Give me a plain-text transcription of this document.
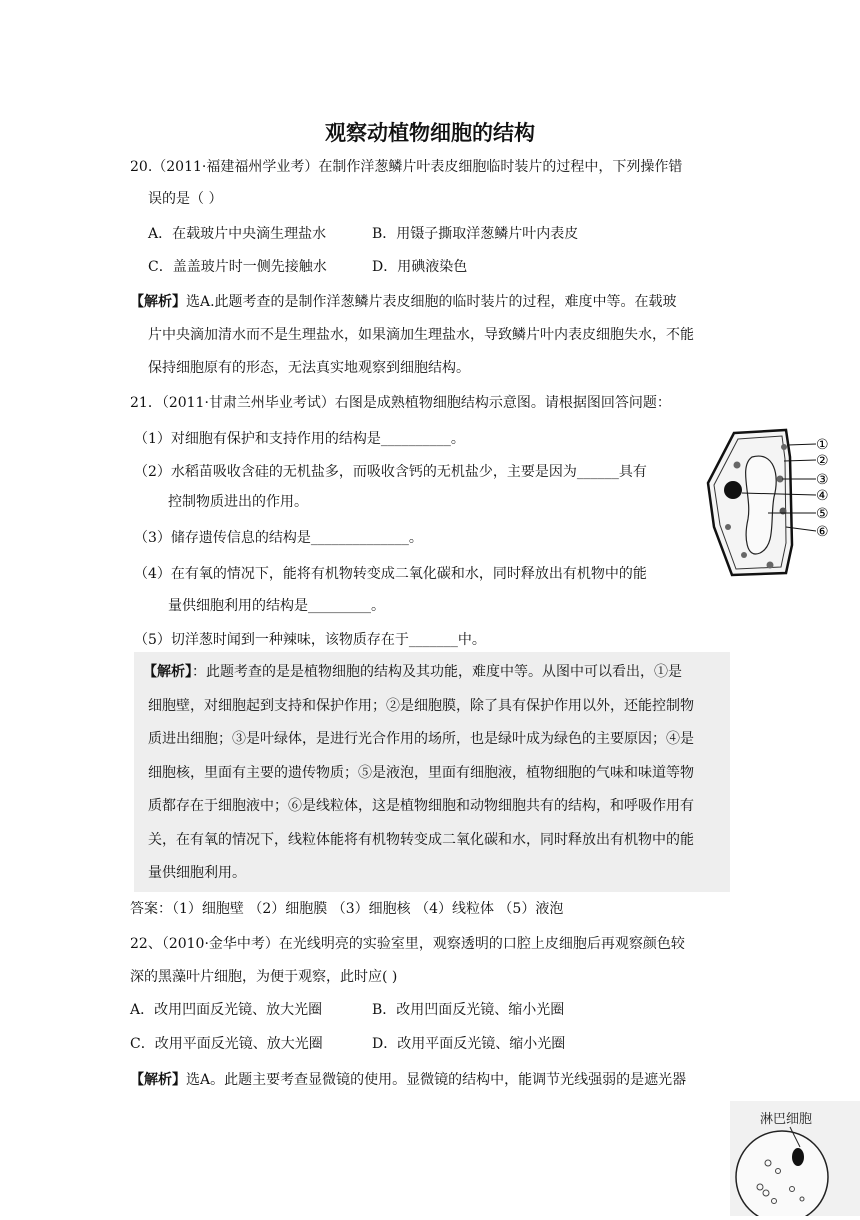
观察动植物细胞的结构
20.（2011·福建福州学业考）在制作洋葱鳞片叶表皮细胞临时装片的过程中，下列操作错
误的是（ ）
A．在载玻片中央滴生理盐水	B．用镊子撕取洋葱鳞片叶内表皮
C．盖盖玻片时一侧先接触水	D．用碘液染色
【解析】选A.此题考查的是制作洋葱鳞片表皮细胞的临时装片的过程，难度中等。在载玻
片中央滴加清水而不是生理盐水，如果滴加生理盐水，导致鳞片叶内表皮细胞失水，不能
保持细胞原有的形态，无法真实地观察到细胞结构。
21．（2011·甘肃兰州毕业考试）右图是成熟植物细胞结构示意图。请根据图回答问题：
（1）对细胞有保护和支持作用的结构是__________。
（2）水稻苗吸收含硅的无机盐多，而吸收含钙的无机盐少，主要是因为______具有
控制物质进出的作用。
（3）储存遗传信息的结构是______________。
（4）在有氧的情况下，能将有机物转变成二氧化碳和水，同时释放出有机物中的能
量供细胞利用的结构是_________。
（5）切洋葱时闻到一种辣味，该物质存在于_______中。
①
②
③
④
⑤
⑥
【解析】：此题考查的是是植物细胞的结构及其功能，难度中等。从图中可以看出，①是
细胞壁，对细胞起到支持和保护作用；②是细胞膜，除了具有保护作用以外，还能控制物
质进出细胞；③是叶绿体，是进行光合作用的场所，也是绿叶成为绿色的主要原因；④是
细胞核，里面有主要的遗传物质；⑤是液泡，里面有细胞液，植物细胞的气味和味道等物
质都存在于细胞液中；⑥是线粒体，这是植物细胞和动物细胞共有的结构，和呼吸作用有
关，在有氧的情况下，线粒体能将有机物转变成二氧化碳和水，同时释放出有机物中的能
量供细胞利用。
答案：（1）细胞壁 （2）细胞膜 （3）细胞核 （4）线粒体 （5）液泡
22、（2010·金华中考）在光线明亮的实验室里，观察透明的口腔上皮细胞后再观察颜色较
深的黑藻叶片细胞，为便于观察，此时应( )
A．改用凹面反光镜、放大光圈	B．改用凹面反光镜、缩小光圈
C．改用平面反光镜、放大光圈	D．改用平面反光镜、缩小光圈
【解析】选A。此题主要考查显微镜的使用。显微镜的结构中，能调节光线强弱的是遮光器
淋巴细胞
